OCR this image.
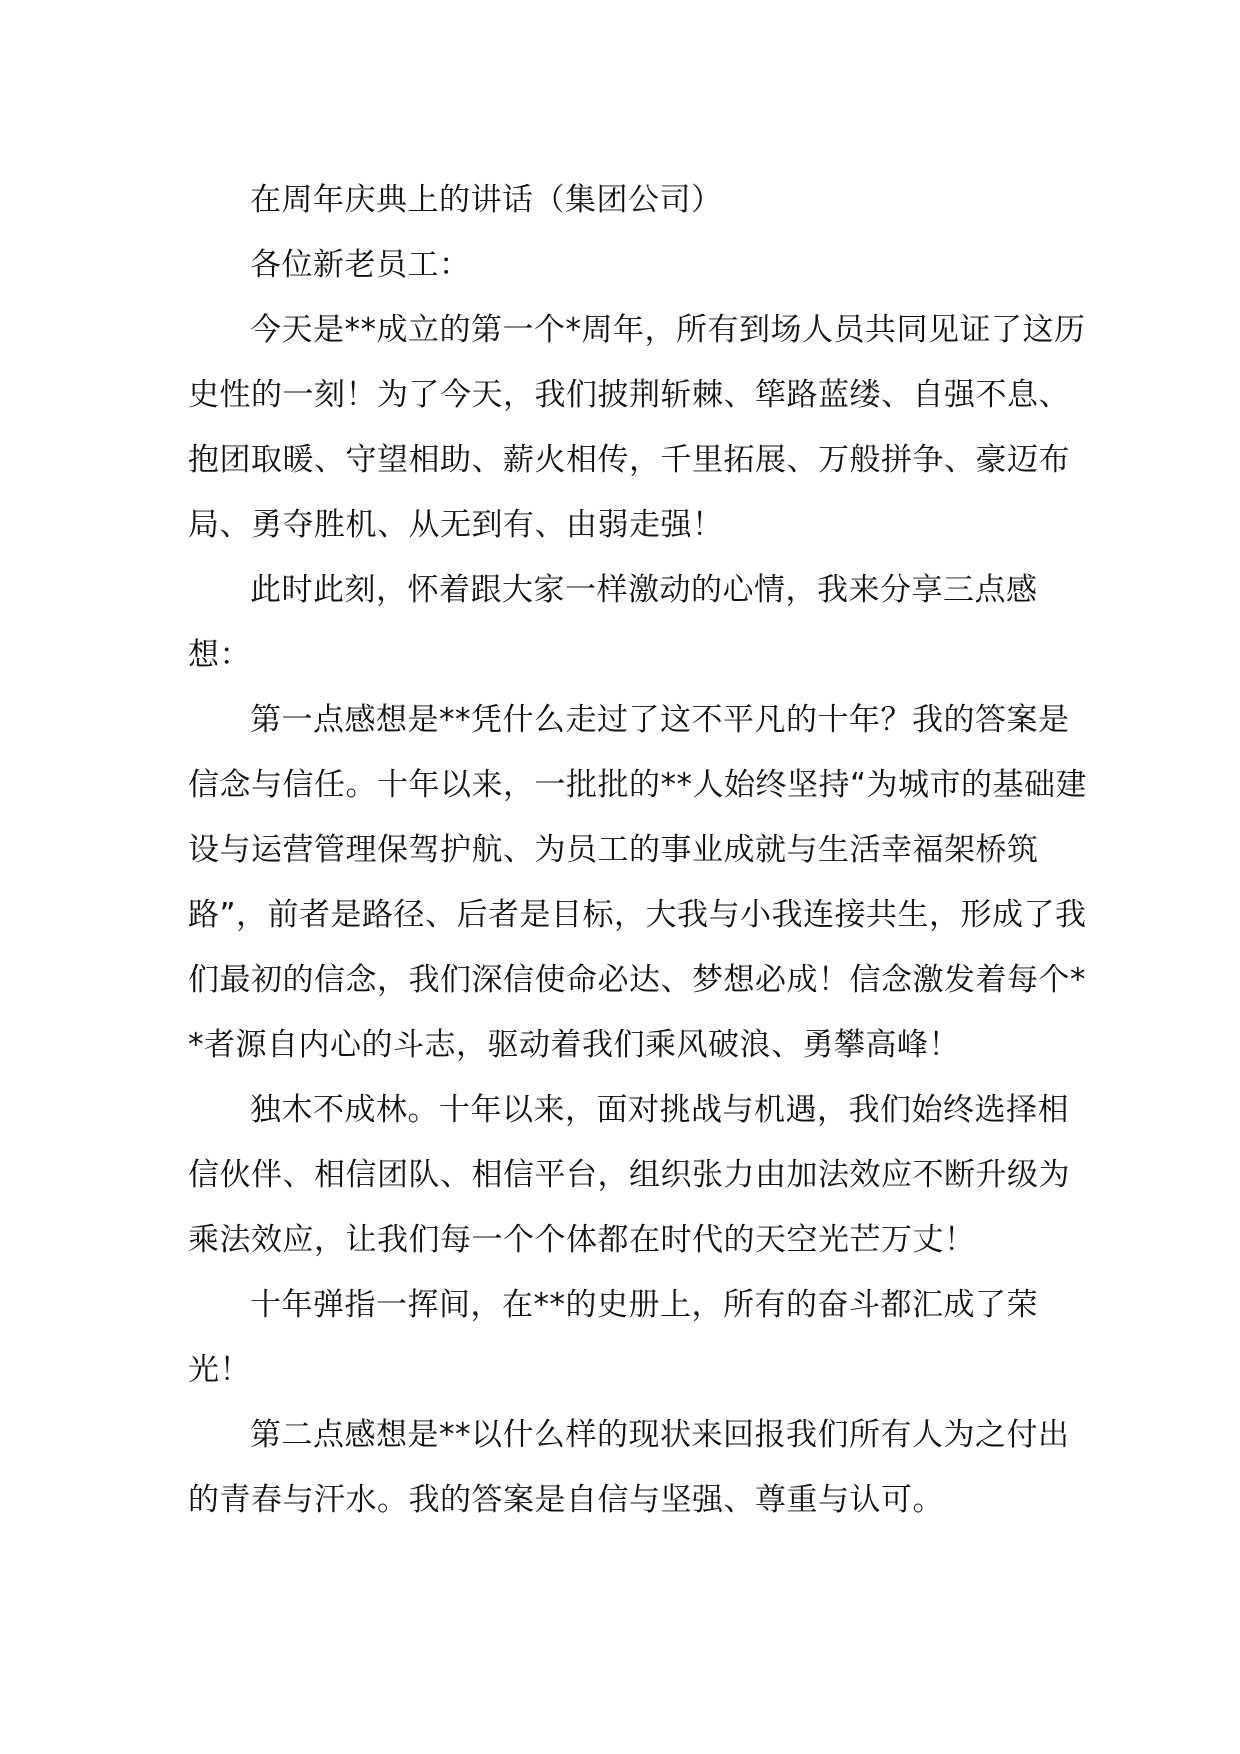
在周年庆典上的讲话（集团公司）

各位新老员工：

今天是**成立的第一个*周年，所有到场人员共同见证了这历史性的一刻！为了今天，我们披荆斩棘、筚路蓝缕、自强不息、抱团取暖、守望相助、薪火相传，千里拓展、万般拼争、豪迈布局、勇夺胜机、从无到有、由弱走强！

此时此刻，怀着跟大家一样激动的心情，我来分享三点感想：

第一点感想是**凭什么走过了这不平凡的十年？我的答案是信念与信任。十年以来，一批批的**人始终坚持“为城市的基础建设与运营管理保驾护航、为员工的事业成就与生活幸福架桥筑路”，前者是路径、后者是目标，大我与小我连接共生，形成了我们最初的信念，我们深信使命必达、梦想必成！信念激发着每个**者源自内心的斗志，驱动着我们乘风破浪、勇攀高峰！

独木不成林。十年以来，面对挑战与机遇，我们始终选择相信伙伴、相信团队、相信平台，组织张力由加法效应不断升级为乘法效应，让我们每一个个体都在时代的天空光芒万丈！

十年弹指一挥间，在**的史册上，所有的奋斗都汇成了荣光！

第二点感想是**以什么样的现状来回报我们所有人为之付出的青春与汗水。我的答案是自信与坚强、尊重与认可。
